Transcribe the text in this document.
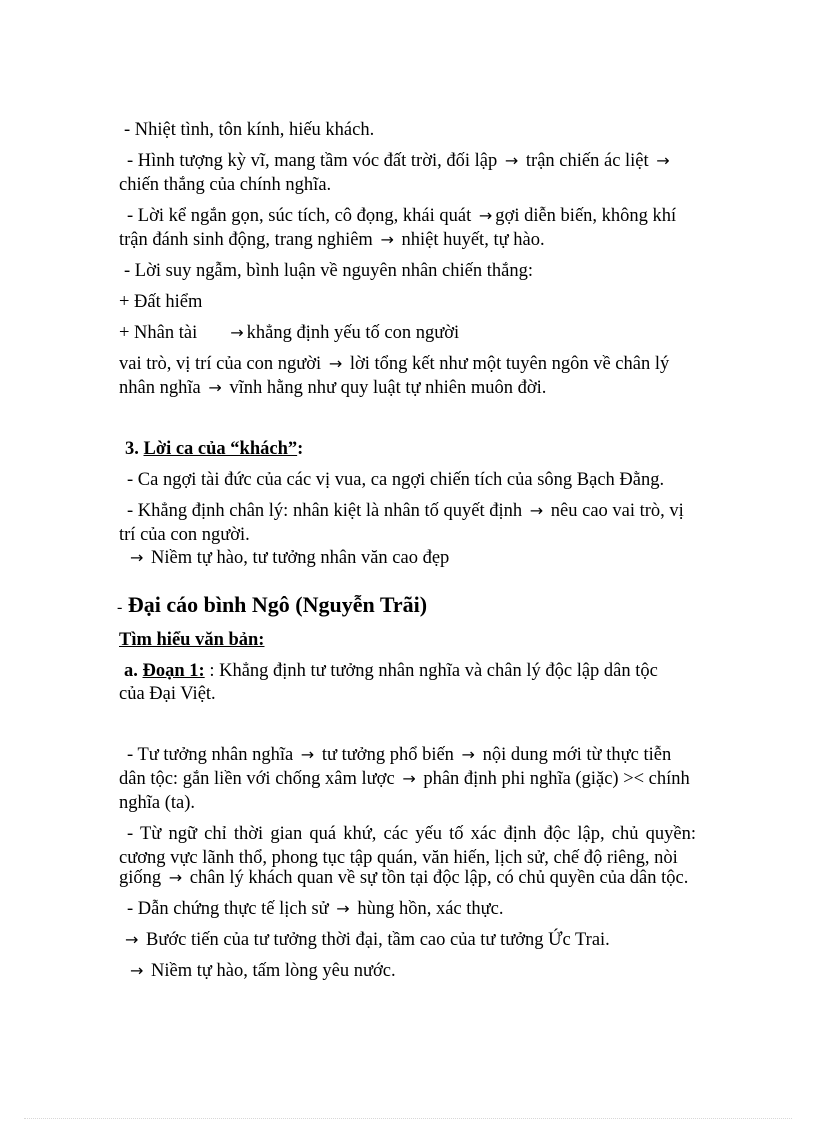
- Nhiệt tình, tôn kính, hiếu khách.
- Hình tượng kỳ vĩ, mang tầm vóc đất trời, đối lập → trận chiến ác liệt →
chiến thắng của chính nghĩa.
- Lời kể ngắn gọn, súc tích, cô đọng, khái quát → gợi diễn biến, không khí
trận đánh sinh động, trang nghiêm → nhiệt huyết, tự hào.
- Lời suy ngẫm, bình luận về nguyên nhân chiến thắng:
+ Đất hiểm
+ Nhân tài → khẳng định yếu tố con người
vai trò, vị trí của con người → lời tổng kết như một tuyên ngôn về chân lý
nhân nghĩa → vĩnh hằng như quy luật tự nhiên muôn đời.
3. Lời ca của “khách”:
- Ca ngợi tài đức của các vị vua, ca ngợi chiến tích của sông Bạch Đằng.
- Khẳng định chân lý: nhân kiệt là nhân tố quyết định → nêu cao vai trò, vị
trí của con người.
→ Niềm tự hào, tư tưởng nhân văn cao đẹp
- Đại cáo bình Ngô (Nguyễn Trãi)
Tìm hiểu văn bản:
a. Đoạn 1: : Khẳng định tư tưởng nhân nghĩa và chân lý độc lập dân tộc
của Đại Việt.
- Tư tưởng nhân nghĩa → tư tưởng phổ biến → nội dung mới từ thực tiễn
dân tộc: gắn liền với chống xâm lược → phân định phi nghĩa (giặc) >< chính
nghĩa (ta).
- Từ ngữ chỉ thời gian quá khứ, các yếu tố xác định độc lập, chủ quyền: cương vực lãnh thổ, phong tục tập quán, văn hiến, lịch sử, chế độ riêng, nòi
giống → chân lý khách quan về sự tồn tại độc lập, có chủ quyền của dân tộc.
- Dẫn chứng thực tế lịch sử → hùng hồn, xác thực.
→ Bước tiến của tư tưởng thời đại, tầm cao của tư tưởng Ức Trai.
→ Niềm tự hào, tấm lòng yêu nước.
